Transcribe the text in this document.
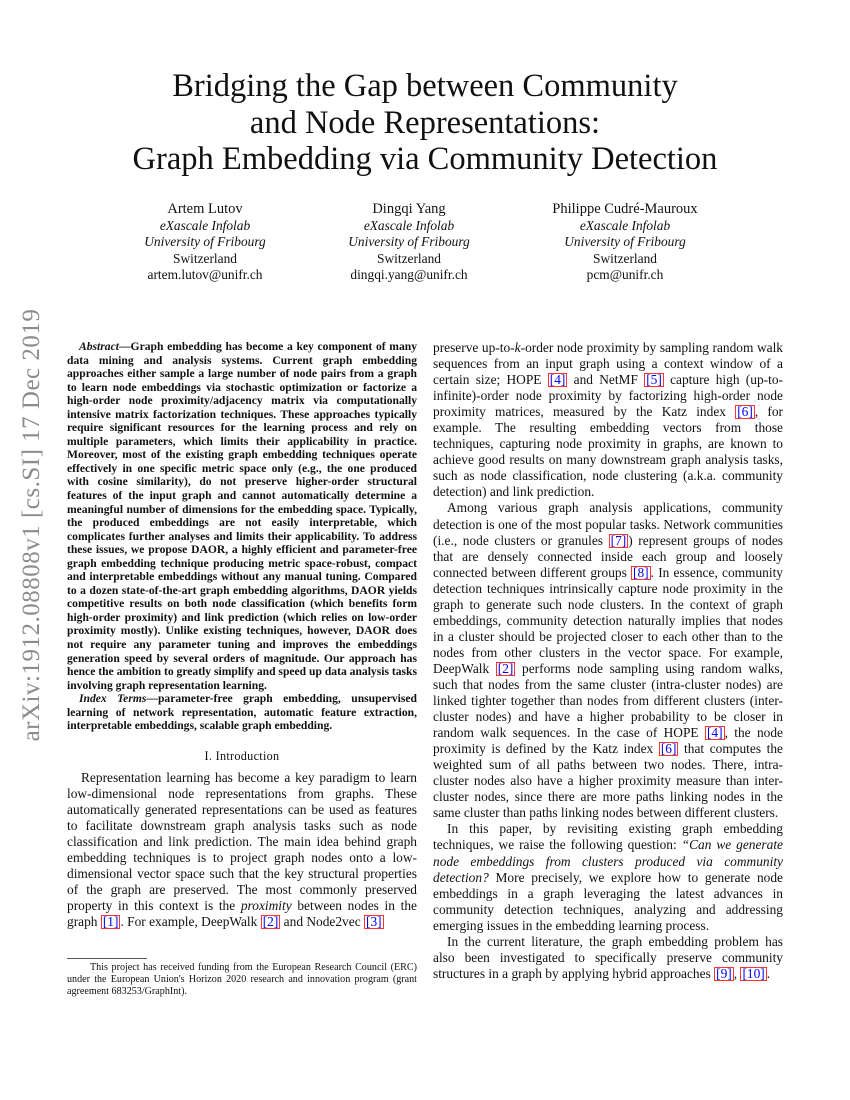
arXiv:1912.08808v1 [cs.SI] 17 Dec 2019
Bridging the Gap between Community
and Node Representations:
Graph Embedding via Community Detection
Artem Lutov
eXascale Infolab
University of Fribourg
Switzerland
artem.lutov@unifr.ch
Dingqi Yang
eXascale Infolab
University of Fribourg
Switzerland
dingqi.yang@unifr.ch
Philippe Cudré-Mauroux
eXascale Infolab
University of Fribourg
Switzerland
pcm@unifr.ch

Abstract—Graph embedding has become a key component of many data mining and analysis systems. Current graph embedding approaches either sample a large number of node pairs from a graph to learn node embeddings via stochastic optimization or factorize a high-order node proximity/adjacency matrix via computationally intensive matrix factorization techniques. These approaches typically require significant resources for the learning process and rely on multiple parameters, which limits their applicability in practice. Moreover, most of the existing graph embedding techniques operate effectively in one specific metric space only (e.g., the one produced with cosine similarity), do not preserve higher-order structural features of the input graph and cannot automatically determine a meaningful number of dimensions for the embedding space. Typically, the produced embeddings are not easily interpretable, which complicates further analyses and limits their applicability. To address these issues, we propose DAOR, a highly efficient and parameter-free graph embedding technique producing metric space-robust, compact and interpretable embeddings without any manual tuning. Compared to a dozen state-of-the-art graph embedding algorithms, DAOR yields competitive results on both node classification (which benefits form high-order proximity) and link prediction (which relies on low-order proximity mostly). Unlike existing techniques, however, DAOR does not require any parameter tuning and improves the embeddings generation speed by several orders of magnitude. Our approach has hence the ambition to greatly simplify and speed up data analysis tasks involving graph representation learning.

Index Terms—parameter-free graph embedding, unsupervised learning of network representation, automatic feature extraction, interpretable embeddings, scalable graph embedding.

I. Introduction

Representation learning has become a key paradigm to learn low-dimensional node representations from graphs. These automatically generated representations can be used as features to facilitate downstream graph analysis tasks such as node classification and link prediction. The main idea behind graph embedding techniques is to project graph nodes onto a low-dimensional vector space such that the key structural properties of the graph are preserved. The most commonly preserved property in this context is the proximity between nodes in the graph [1] . For example, DeepWalk [2] and Node2vec [3]

This project has received funding from the European Research Council (ERC) under the European Union's Horizon 2020 research and innovation program (grant agreement 683253/GraphInt).

preserve up-to-k-order node proximity by sampling random walk sequences from an input graph using a context window of a certain size; HOPE [4] and NetMF [5] capture high (up-to-infinite)-order node proximity by factorizing high-order node proximity matrices, measured by the Katz index [6] , for example. The resulting embedding vectors from those techniques, capturing node proximity in graphs, are known to achieve good results on many downstream graph analysis tasks, such as node classification, node clustering (a.k.a. community detection) and link prediction.

Among various graph analysis applications, community detection is one of the most popular tasks. Network communities (i.e., node clusters or granules [7] ) represent groups of nodes that are densely connected inside each group and loosely connected between different groups [8] . In essence, community detection techniques intrinsically capture node proximity in the graph to generate such node clusters. In the context of graph embeddings, community detection naturally implies that nodes in a cluster should be projected closer to each other than to the nodes from other clusters in the vector space. For example, DeepWalk [2] performs node sampling using random walks, such that nodes from the same cluster (intra-cluster nodes) are linked tighter together than nodes from different clusters (inter-cluster nodes) and have a higher probability to be closer in random walk sequences. In the case of HOPE [4] , the node proximity is defined by the Katz index [6] that computes the weighted sum of all paths between two nodes. There, intra-cluster nodes also have a higher proximity measure than inter-cluster nodes, since there are more paths linking nodes in the same cluster than paths linking nodes between different clusters.

In this paper, by revisiting existing graph embedding techniques, we raise the following question: “Can we generate node embeddings from clusters produced via community detection? More precisely, we explore how to generate node embeddings in a graph leveraging the latest advances in community detection techniques, analyzing and addressing emerging issues in the embedding learning process.

In the current literature, the graph embedding problem has also been investigated to specifically preserve community structures in a graph by applying hybrid approaches [9] , [10] .
